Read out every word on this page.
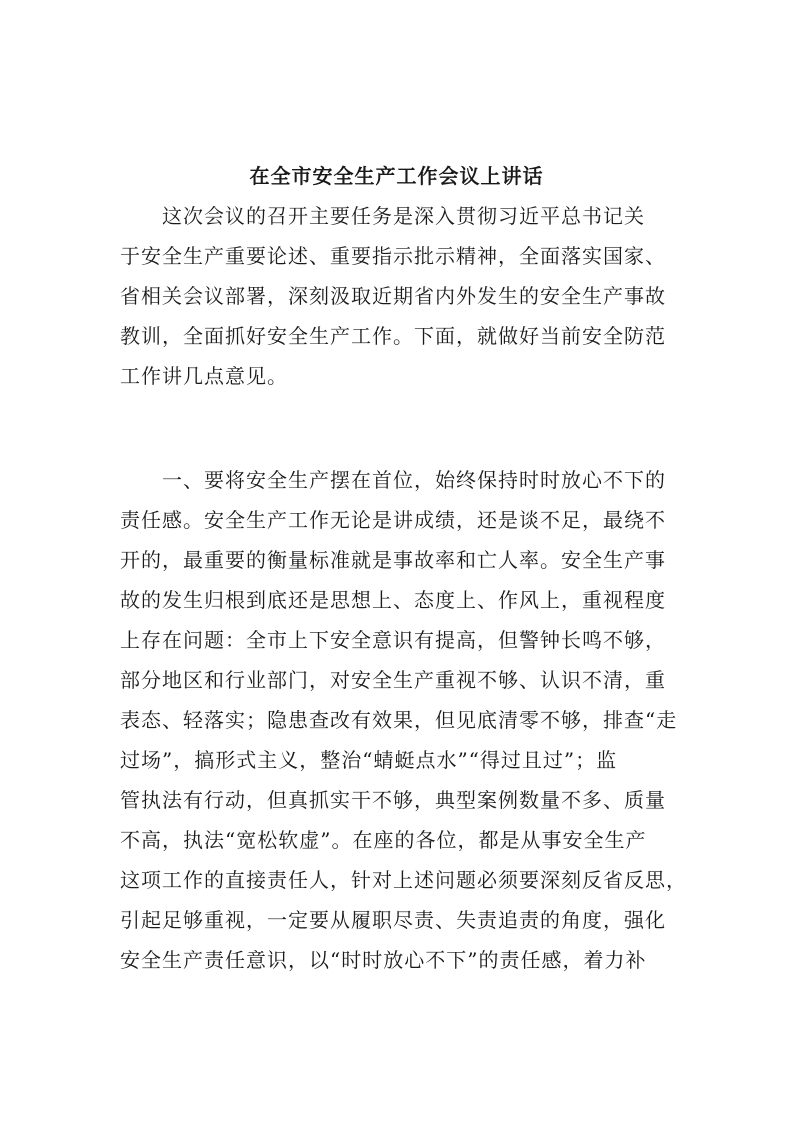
在全市安全生产工作会议上讲话
这次会议的召开主要任务是深入贯彻习近平总书记关
于安全生产重要论述、重要指示批示精神，全面落实国家、
省相关会议部署，深刻汲取近期省内外发生的安全生产事故
教训，全面抓好安全生产工作。下面，就做好当前安全防范
工作讲几点意见。
一、要将安全生产摆在首位，始终保持时时放心不下的
责任感。安全生产工作无论是讲成绩，还是谈不足，最绕不
开的，最重要的衡量标准就是事故率和亡人率。安全生产事
故的发生归根到底还是思想上、态度上、作风上，重视程度
上存在问题：全市上下安全意识有提高，但警钟长鸣不够，
部分地区和行业部门，对安全生产重视不够、认识不清，重
表态、轻落实；隐患查改有效果，但见底清零不够，排查“走
过场”，搞形式主义，整治“蜻蜓点水”“得过且过”；监
管执法有行动，但真抓实干不够，典型案例数量不多、质量
不高，执法“宽松软虚”。在座的各位，都是从事安全生产
这项工作的直接责任人，针对上述问题必须要深刻反省反思，
引起足够重视，一定要从履职尽责、失责追责的角度，强化
安全生产责任意识，以“时时放心不下”的责任感，着力补
